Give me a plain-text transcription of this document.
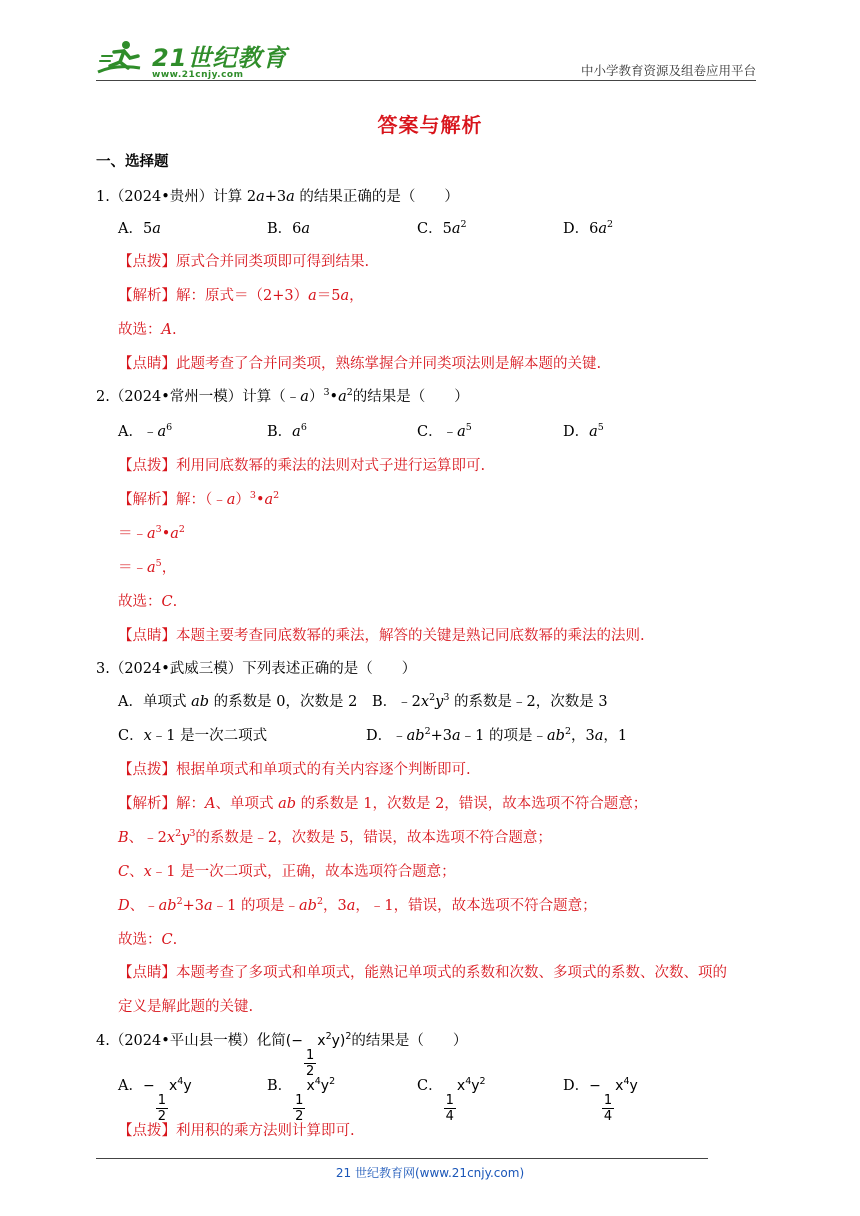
21世纪教育
www.21cnjy.com	中小学教育资源及组卷应用平台
答案与解析
一、选择题
1.（2024•贵州）计算 2a+3a 的结果正确的是（　　）
A．5a	B．6a	C．$5a^2$	D．$6a^2$
【点拨】原式合并同类项即可得到结果.
【解析】解：原式＝（2+3）a＝5a，
故选：A.
【点睛】此题考查了合并同类项，熟练掌握合并同类项法则是解本题的关键.
2.（2024•常州一模）计算$(﹣a)^3•a^2$的结果是（　　）
A．$﹣a^6$	B．$a^6$	C．$﹣a^5$	D．$a^5$
【点拨】利用同底数幂的乘法的法则对式子进行运算即可.
【解析】解：$(﹣a)^3•a^2$
$=﹣a^3•a^2$
$=﹣a^5$，
故选：C.
【点睛】本题主要考查同底数幂的乘法，解答的关键是熟记同底数幂的乘法的法则.
3.（2024•武威三模）下列表述正确的是（　　）
A．单项式 ab 的系数是 0，次数是 2 B．$﹣2x^2y^3$ 的系数是﹣2，次数是 3
C．x﹣1 是一次二项式	D．$﹣ab^2+3a﹣1$ 的项是$﹣ab^2$，3a，1
【点拨】根据单项式和单项式的有关内容逐个判断即可.
【解析】解：A、单项式 ab 的系数是 1，次数是 2，错误，故本选项不符合题意；
B、$﹣2x^2y^3$的系数是﹣2，次数是 5，错误，故本选项不符合题意；
C、x﹣1 是一次二项式，正确，故本选项符合题意；
D、$﹣ab^2+3a﹣1$ 的项是$﹣ab^2$，3a，﹣1，错误，故本选项不符合题意；
故选：C.
【点睛】本题考查了多项式和单项式，能熟记单项式的系数和次数、多项式的系数、次数、项的
定义是解此题的关键.
4.（2024•平山县一模）化简(−
$\frac{1}{2}$
$x^2y)^2$的结果是（　　）
A．−
$\frac{1}{2}$
$x^4y$	B．
$\frac{1}{2}$
$x^4y^2$	C．
$\frac{1}{4}$
$x^4y^2$	D．−
$\frac{1}{4}$
$x^4y$
【点拨】利用积的乘方法则计算即可.
21 世纪教育网(www.21cnjy.com)
